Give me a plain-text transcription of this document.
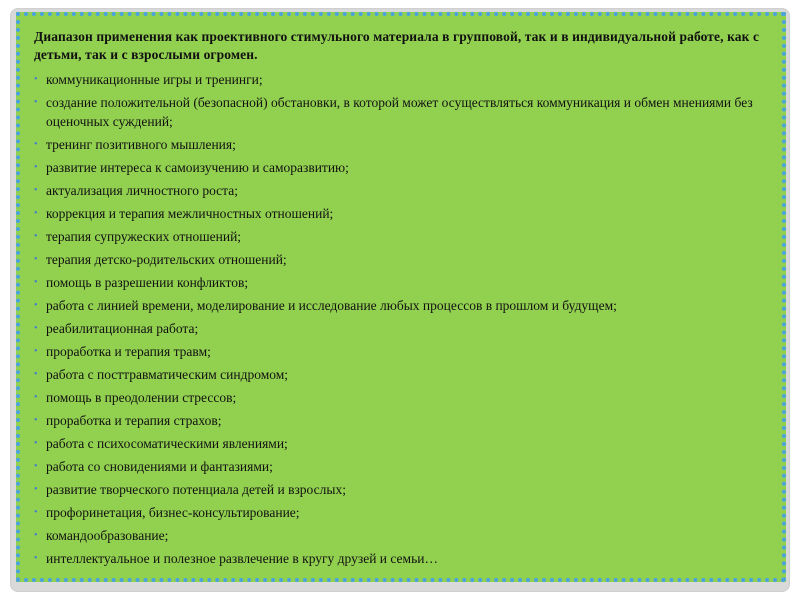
Диапазон применения как проективного стимульного материала в групповой, так и в индивидуальной работе, как с детьми, так и с взрослыми огромен.
• коммуникационные игры и тренинги;
• создание положительной (безопасной) обстановки, в которой может осуществляться коммуникация и обмен мнениями без оценочных суждений;
• тренинг позитивного мышления;
• развитие интереса к самоизучению и саморазвитию;
• актуализация личностного роста;
• коррекция и терапия межличностных отношений;
• терапия супружеских отношений;
• терапия детско-родительских отношений;
• помощь в разрешении конфликтов;
• работа с линией времени, моделирование и исследование любых процессов в прошлом и будущем;
• реабилитационная работа;
• проработка и терапия травм;
• работа с посттравматическим синдромом;
• помощь в преодолении стрессов;
• проработка и терапия страхов;
• работа с психосоматическими явлениями;
• работа со сновидениями и фантазиями;
• развитие творческого потенциала детей и взрослых;
• профоринетация, бизнес-консультирование;
• командообразование;
• интеллектуальное и полезное развлечение в кругу друзей и семьи…
